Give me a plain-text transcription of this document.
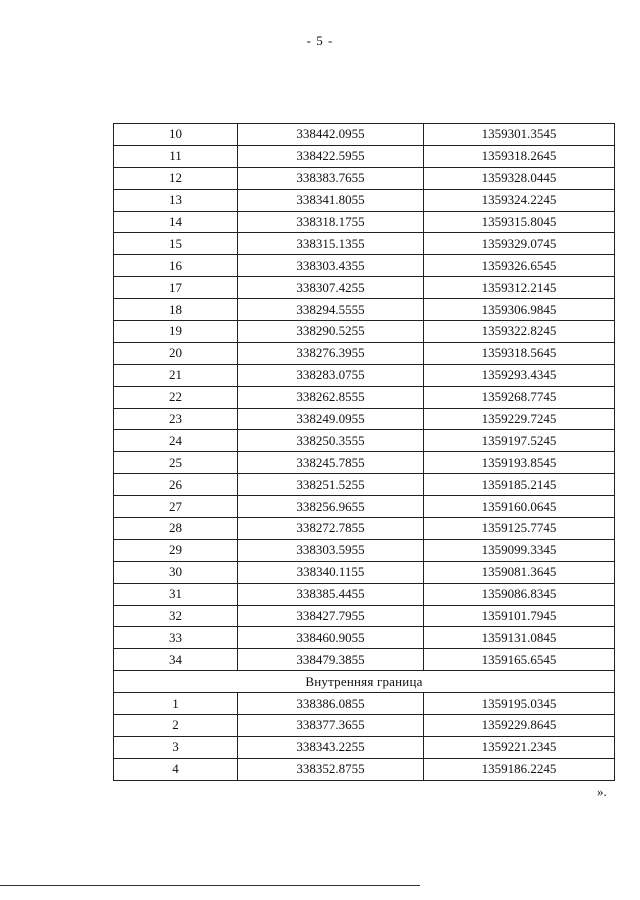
- 5 -
10	338442.0955	1359301.3545
11	338422.5955	1359318.2645
12	338383.7655	1359328.0445
13	338341.8055	1359324.2245
14	338318.1755	1359315.8045
15	338315.1355	1359329.0745
16	338303.4355	1359326.6545
17	338307.4255	1359312.2145
18	338294.5555	1359306.9845
19	338290.5255	1359322.8245
20	338276.3955	1359318.5645
21	338283.0755	1359293.4345
22	338262.8555	1359268.7745
23	338249.0955	1359229.7245
24	338250.3555	1359197.5245
25	338245.7855	1359193.8545
26	338251.5255	1359185.2145
27	338256.9655	1359160.0645
28	338272.7855	1359125.7745
29	338303.5955	1359099.3345
30	338340.1155	1359081.3645
31	338385.4455	1359086.8345
32	338427.7955	1359101.7945
33	338460.9055	1359131.0845
34	338479.3855	1359165.6545
Внутренняя граница		
1	338386.0855	1359195.0345
2	338377.3655	1359229.8645
3	338343.2255	1359221.2345
4	338352.8755	1359186.2245
».
